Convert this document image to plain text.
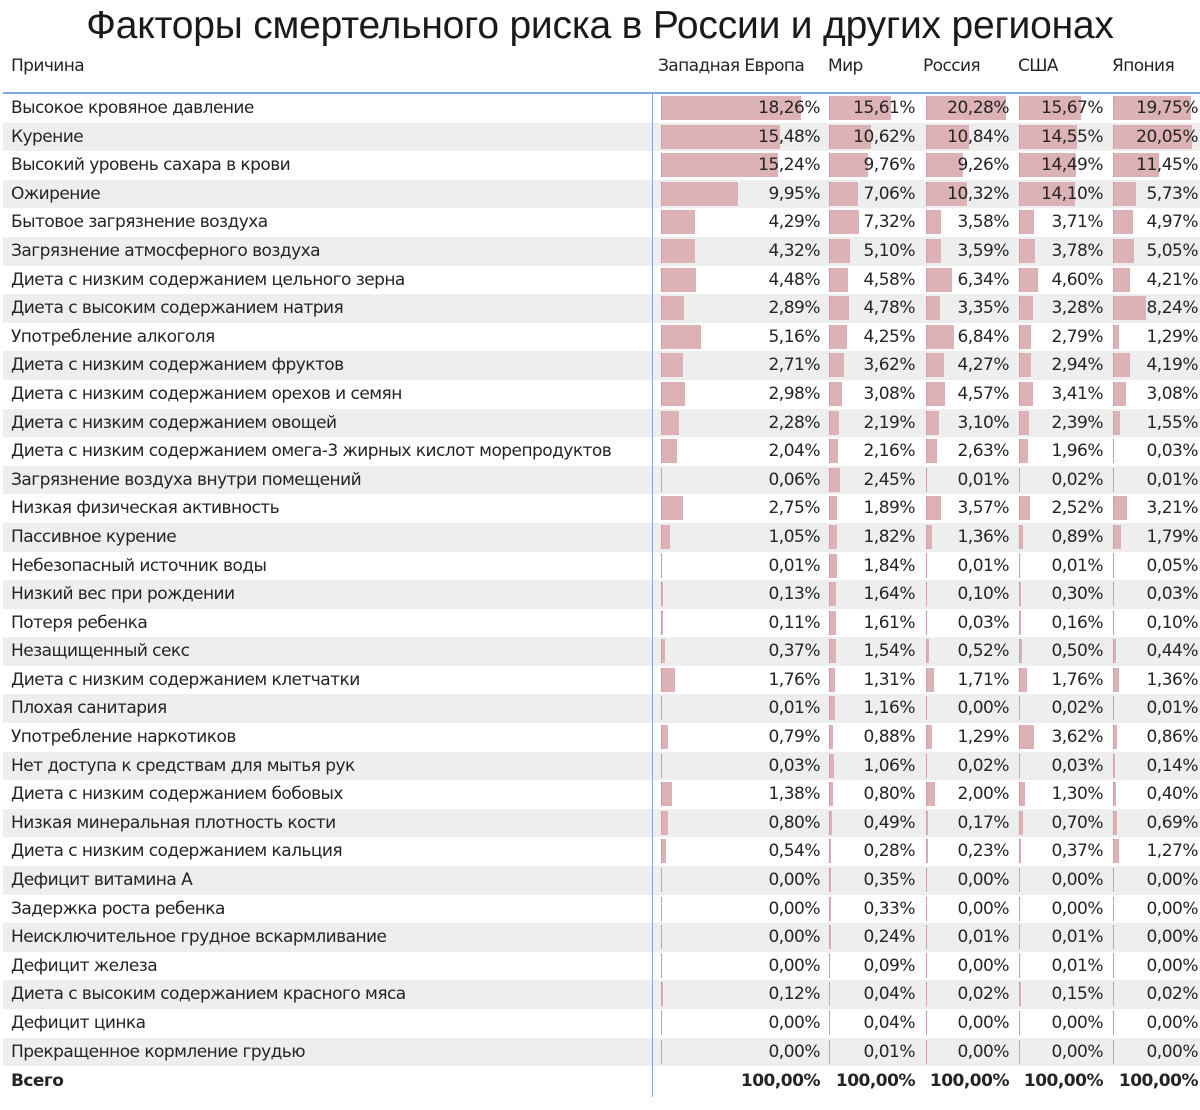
Факторы смертельного риска в России и других регионах
Причина	Западная Европа Мир	Россия США	Япония
Высокое кровяное давление	18,26% 15,61% 20,28% 15,67% 19,75%
Курение	15,48% 10,62% 10,84% 14,55% 20,05%
Высокий уровень сахара в крови	15,24%	9,76% 9,26% 14,49% 11,45%
Ожирение	9,95%	7,06% 10,32% 14,10%	5,73%
Бытовое загрязнение воздуха	4,29%	7,32% 3,58% 3,71%	4,97%
Загрязнение атмосферного воздуха	4,32%	5,10% 3,59% 3,78%	5,05%
Диета с низким содержанием цельного зерна	4,48%	4,58% 6,34% 4,60%	4,21%
Диета с высоким содержанием натрия	2,89%	4,78% 3,35% 3,28%	8,24%
Употребление алкоголя	5,16%	4,25% 6,84% 2,79%	1,29%
Диета с низким содержанием фруктов	2,71%	3,62% 4,27% 2,94%	4,19%
Диета с низким содержанием орехов и семян	2,98%	3,08% 4,57% 3,41%	3,08%
Диета с низким содержанием овощей	2,28%	2,19% 3,10% 2,39%	1,55%
Диета с низким содержанием омега-3 жирных кислот морепродуктов	2,04%	2,16% 2,63% 1,96%	0,03%
Загрязнение воздуха внутри помещений	0,06%	2,45% 0,01% 0,02%	0,01%
Низкая физическая активность	2,75%	1,89% 3,57% 2,52%	3,21%
Пассивное курение	1,05%	1,82% 1,36% 0,89%	1,79%
Небезопасный источник воды	0,01%	1,84% 0,01% 0,01%	0,05%
Низкий вес при рождении	0,13%	1,64% 0,10% 0,30%	0,03%
Потеря ребенка	0,11%	1,61% 0,03% 0,16%	0,10%
Незащищенный секс	0,37%	1,54% 0,52% 0,50%	0,44%
Диета с низким содержанием клетчатки	1,76%	1,31% 1,71% 1,76%	1,36%
Плохая санитария	0,01%	1,16% 0,00% 0,02%	0,01%
Употребление наркотиков	0,79%	0,88% 1,29% 3,62%	0,86%
Нет доступа к средствам для мытья рук	0,03%	1,06% 0,02% 0,03%	0,14%
Диета с низким содержанием бобовых	1,38%	0,80% 2,00% 1,30%	0,40%
Низкая минеральная плотность кости	0,80%	0,49% 0,17% 0,70%	0,69%
Диета с низким содержанием кальция	0,54%	0,28% 0,23% 0,37%	1,27%
Дефицит витамина А	0,00%	0,35% 0,00% 0,00%	0,00%
Задержка роста ребенка	0,00%	0,33% 0,00% 0,00%	0,00%
Неисключительное грудное вскармливание	0,00%	0,24% 0,01% 0,01%	0,00%
Дефицит железа	0,00%	0,09% 0,00% 0,01%	0,00%
Диета с высоким содержанием красного мяса	0,12%	0,04% 0,02% 0,15%	0,02%
Дефицит цинка	0,00%	0,04% 0,00% 0,00%	0,00%
Прекращенное кормление грудью	0,00%	0,01% 0,00% 0,00%	0,00%
Всего	100,00% 100,00% 100,00% 100,00% 100,00%
